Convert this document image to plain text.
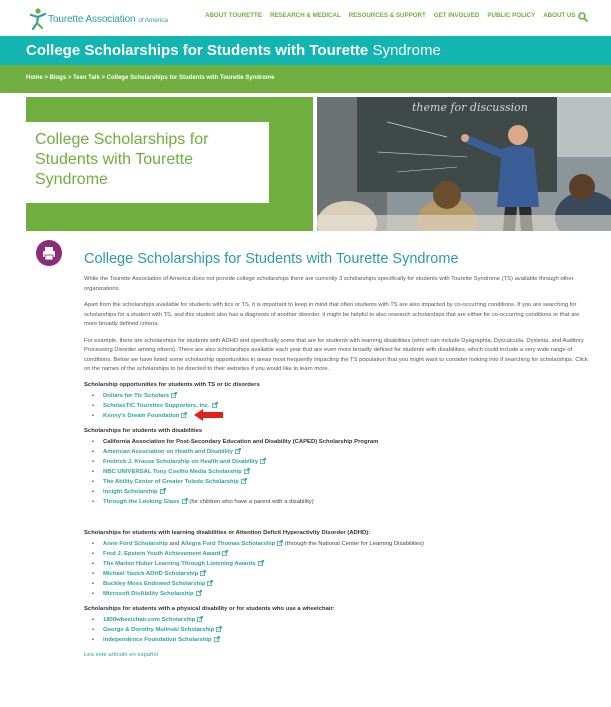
Tourette Association of America
ABOUT TOURETTE RESEARCH & MEDICAL RESOURCES & SUPPORT GET INVOLVED PUBLIC POLICY ABOUT US
College Scholarships for Students with Tourette Syndrome
Home > Blogs > Teen Talk > College Scholarships for Students with Tourette Syndrome
College Scholarships for Students with Tourette Syndrome
theme for discussion
College Scholarships for Students with Tourette Syndrome

While the Tourette Association of America does not provide college scholarships there are currently 3 scholarships specifically for students with Tourette Syndrome (TS) available through other organizations.

Apart from the scholarships available for students with tics or TS, it is important to keep in mind that often students with TS are also impacted by co-occurring conditions. If you are searching for scholarships for a student with TS, and this student also has a diagnosis of another disorder, it might be helpful to also research scholarships that are either for co-occurring conditions or that are more broadly defined criteria.

For example, there are scholarships for students with ADHD and specifically some that are for students with learning disabilities (which can include Dysgraphia, Dyscalculia, Dyslexia, and Auditory Processing Disorder among others). There are also scholarships available each year that are even more broadly defined for students with disabilities, which could include a very wide range of conditions. Below we have listed some scholarship opportunities in areas most frequently impacting the TS population that you might want to consider looking into if searching for scholarships. Click on the names of the scholarships to be directed to their websites if you would like to learn more.

Scholarship opportunities for students with TS or tic disorders
• Dollars for Tic Scholars
• ScholasTIC Tourettes Supporters, Inc.
• Kenny's Dream Foundation
Scholarships for students with disabilities
• California Association for Post-Secondary Education and Disability (CAPED) Scholarship Program
• American Association on Health and Disability
• Fredrick J. Krause Scholarship on Health and Disability
• NBC UNIVERSAL Tony Coelho Media Scholarship
• The Ability Center of Greater Toledo Scholarship
• Incight Scholarship
• Through the Looking Glass (for children who have a parent with a disability)
Scholarships for students with learning disabilities or Attention Deficit Hyperactivity Disorder (ADHD):
• Anne Ford Scholarship and Allegra Ford Thomas Scholarship (through the National Center for Learning Disabilities)
• Fred J. Epstein Youth Achievement Award
• The Marion Huber Learning Through Listening Awards
• Michael Yasick ADHD Scholarship
• Buckley Moss Endowed Scholarship
• Microsoft DisAbility Scholarship
Scholarships for students with a physical disability or for students who use a wheelchair:
• 1800wheelchair.com Scholarship
• George & Dorothy Mulinski Scholarship
• Independence Foundation Scholarship
Lea este artículo en español
